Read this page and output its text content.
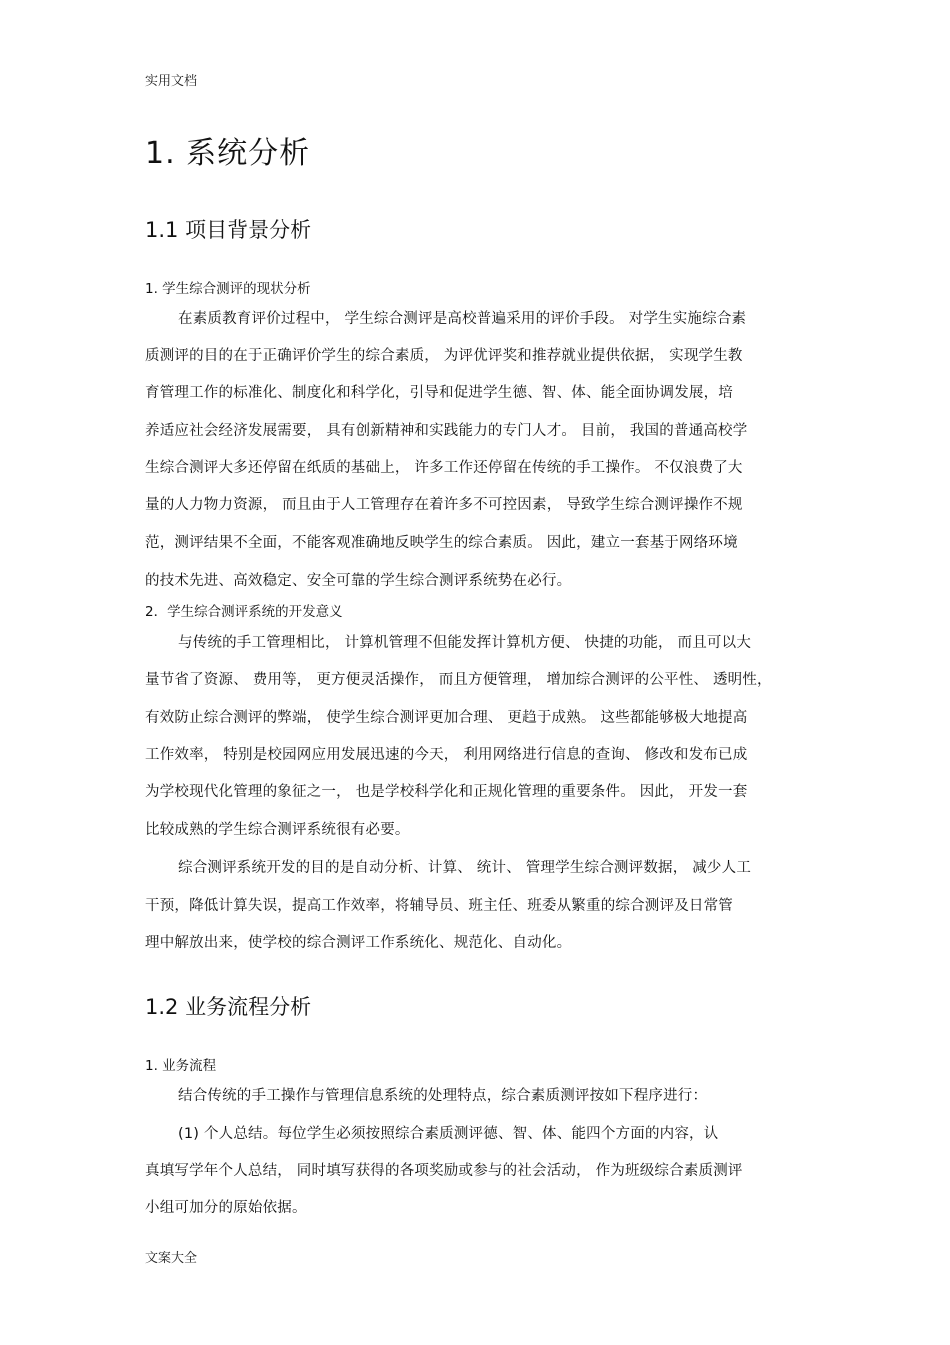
实用文档
1. 系统分析
1.1 项目背景分析
1. 学生综合测评的现状分析
在素质教育评价过程中， 学生综合测评是高校普遍采用的评价手段。 对学生实施综合素
质测评的目的在于正确评价学生的综合素质， 为评优评奖和推荐就业提供依据， 实现学生教
育管理工作的标准化、制度化和科学化，引导和促进学生德、智、体、能全面协调发展，培
养适应社会经济发展需要， 具有创新精神和实践能力的专门人才。 目前， 我国的普通高校学
生综合测评大多还停留在纸质的基础上， 许多工作还停留在传统的手工操作。 不仅浪费了大
量的人力物力资源， 而且由于人工管理存在着许多不可控因素， 导致学生综合测评操作不规
范，测评结果不全面，不能客观准确地反映学生的综合素质。 因此，建立一套基于网络环境
的技术先进、高效稳定、安全可靠的学生综合测评系统势在必行。
2．学生综合测评系统的开发意义
与传统的手工管理相比， 计算机管理不但能发挥计算机方便、 快捷的功能， 而且可以大
量节省了资源、 费用等， 更方便灵活操作， 而且方便管理， 增加综合测评的公平性、 透明性，
有效防止综合测评的弊端， 使学生综合测评更加合理、 更趋于成熟。 这些都能够极大地提高
工作效率， 特别是校园网应用发展迅速的今天， 利用网络进行信息的查询、 修改和发布已成
为学校现代化管理的象征之一， 也是学校科学化和正规化管理的重要条件。 因此， 开发一套
比较成熟的学生综合测评系统很有必要。
综合测评系统开发的目的是自动分析、计算、 统计、 管理学生综合测评数据， 减少人工
干预，降低计算失误，提高工作效率，将辅导员、班主任、班委从繁重的综合测评及日常管
理中解放出来，使学校的综合测评工作系统化、规范化、自动化。
1.2 业务流程分析
1. 业务流程
结合传统的手工操作与管理信息系统的处理特点，综合素质测评按如下程序进行：
(1) 个人总结。每位学生必须按照综合素质测评德、智、体、能四个方面的内容，认
真填写学年个人总结， 同时填写获得的各项奖励或参与的社会活动， 作为班级综合素质测评
小组可加分的原始依据。
文案大全
